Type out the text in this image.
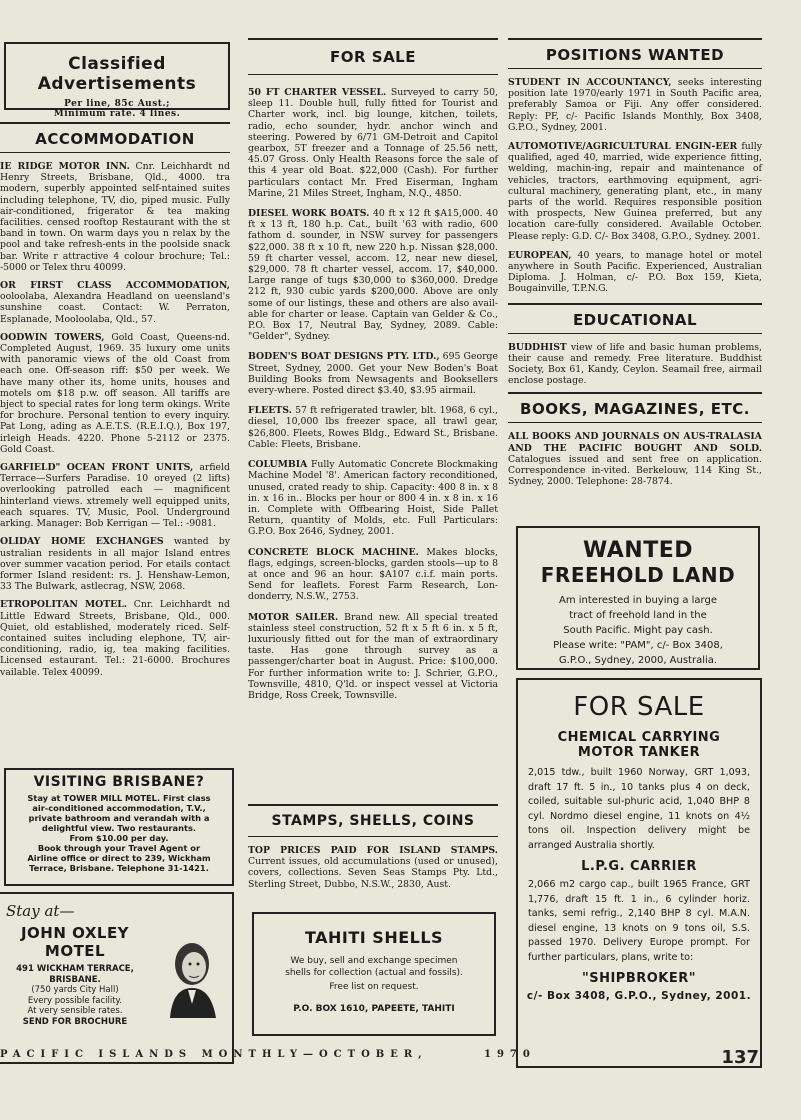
Classified Advertisements
Per line, 85c Aust.;
Minimum rate. 4 lines.
ACCOMMODATION
IE RIDGE MOTOR INN. Cnr. Leichhardt nd Henry Streets, Brisbane, Qld., 4000. tra modern, superbly appointed self-ntained suites including telephone, TV, dio, piped music. Fully air-conditioned, frigerator & tea making facilities. censed rooftop Restaurant with the st band in town. On warm days you n relax by the pool and take refresh-ents in the poolside snack bar. Write r attractive 4 colour brochure; Tel.: -5000 or Telex thru 40099.
OR FIRST CLASS ACCOMMODATION, ooloolaba, Alexandra Headland on ueensland's sunshine coast. Contact: W. Perraton, Esplanade, Mooloolaba, Qld., 57.
OODWIN TOWERS, Gold Coast, Queens-nd. Completed August, 1969. 35 luxury ome units with panoramic views of the old Coast from each one. Off-season riff: $50 per week. We have many other its, home units, houses and motels om $18 p.w. off season. All tariffs are bject to special rates for long term okings. Write for brochure. Personal tention to every inquiry. Pat Long, ading as A.E.T.S. (R.E.I.Q.), Box 197, irleigh Heads. 4220. Phone 5-2112 or 2375. Gold Coast.
GARFIELD" OCEAN FRONT UNITS, arfield Terrace—Surfers Paradise. 10 oreyed (2 lifts) overlooking patrolled each — magnificent hinterland views. xtremely well equipped units, each squares. TV, Music, Pool. Underground arking. Manager: Bob Kerrigan — Tel.: -9081.
OLIDAY HOME EXCHANGES wanted by ustralian residents in all major Island entres over summer vacation period. For etails contact former Island resident: rs. J. Henshaw-Lemon, 33 The Bulwark, astlecrag, NSW, 2068.
ETROPOLITAN MOTEL. Cnr. Leichhardt nd Little Edward Streets, Brisbane, Qld., 000. Quiet, old established, moderately riced. Self-contained suites including elephone, TV, air-conditioning, radio, ig, tea making facilities. Licensed estaurant. Tel.: 21-6000. Brochures vailable. Telex 40099.
VISITING BRISBANE?
Stay at TOWER MILL MOTEL. First class
air-conditioned accommodation, T.V.,
private bathroom and verandah with a
delightful view. Two restaurants.
From $10.00 per day.
Book through your Travel Agent or
Airline office or direct to 239, Wickham
Terrace, Brisbane. Telephone 31-1421.
Stay at—
JOHN OXLEY
MOTEL
491 WICKHAM TERRACE,
BRISBANE.
(750 yards City Hall)
Every possible facility.
At very sensible rates.
SEND FOR BROCHURE
FOR SALE
50 FT CHARTER VESSEL. Surveyed to carry 50, sleep 11. Double hull, fully fitted for Tourist and Charter work, incl. big lounge, kitchen, toilets, radio, echo sounder, hydr. anchor winch and steering. Powered by 6/71 GM-Detroit and Capitol gearbox, 5T freezer and a Tonnage of 25.56 nett, 45.07 Gross. Only Health Reasons force the sale of this 4 year old Boat. $22,000 (Cash). For further particulars contact Mr. Fred Eiserman, Ingham Marine, 21 Miles Street, Ingham, N.Q., 4850.
DIESEL WORK BOATS. 40 ft x 12 ft $A15,000. 40 ft x 13 ft, 180 h.p. Cat., built '63 with radio, 600 fathom d. sounder, in NSW survey for passengers $22,000. 38 ft x 10 ft, new 220 h.p. Nissan $28,000. 59 ft charter vessel, accom. 12, near new diesel, $29,000. 78 ft charter vessel, accom. 17, $40,000. Large range of tugs $30,000 to $360,000. Dredge 212 ft, 930 cubic yards $200,000. Above are only some of our listings, these and others are also avail-able for charter or lease. Captain van Gelder & Co., P.O. Box 17, Neutral Bay, Sydney, 2089. Cable: "Gelder", Sydney.
BODEN'S BOAT DESIGNS PTY. LTD., 695 George Street, Sydney, 2000. Get your New Boden's Boat Building Books from Newsagents and Booksellers every-where. Posted direct $3.40, $3.95 airmail.
FLEETS. 57 ft refrigerated trawler, blt. 1968, 6 cyl., diesel, 10,000 lbs freezer space, all trawl gear, $26,800. Fleets, Rowes Bldg., Edward St., Brisbane. Cable: Fleets, Brisbane.
COLUMBIA Fully Automatic Concrete Blockmaking Machine Model '8'. American factory reconditioned, unused, crated ready to ship. Capacity: 400 8 in. x 8 in. x 16 in.. Blocks per hour or 800 4 in. x 8 in. x 16 in. Complete with Offbearing Hoist, Side Pallet Return, quantity of Molds, etc. Full Particulars: G.P.O. Box 2646, Sydney, 2001.
CONCRETE BLOCK MACHINE. Makes blocks, flags, edgings, screen-blocks, garden stools—up to 8 at once and 96 an hour. $A107 c.i.f. main ports. Send for leaflets. Forest Farm Research, Lon-donderry, N.S.W., 2753.
MOTOR SAILER. Brand new. All special treated stainless steel construction, 52 ft x 5 ft 6 in. x 5 ft, luxuriously fitted out for the man of extraordinary taste. Has gone through survey as a passenger/charter boat in August. Price: $100,000. For further information write to: J. Schrier, G.P.O., Townsville, 4810, Q'ld. or inspect vessel at Victoria Bridge, Ross Creek, Townsville.
STAMPS, SHELLS, COINS
TOP PRICES PAID FOR ISLAND STAMPS. Current issues, old accumulations (used or unused), covers, collections. Seven Seas Stamps Pty. Ltd., Sterling Street, Dubbo, N.S.W., 2830, Aust.
TAHITI SHELLS
We buy, sell and exchange specimen
shells for collection (actual and fossils).
Free list on request.
P.O. BOX 1610, PAPEETE, TAHITI
POSITIONS WANTED
STUDENT IN ACCOUNTANCY, seeks interesting position late 1970/early 1971 in South Pacific area, preferably Samoa or Fiji. Any offer considered. Reply: PF, c/- Pacific Islands Monthly, Box 3408, G.P.O., Sydney, 2001.
AUTOMOTIVE/AGRICULTURAL ENGIN-EER fully qualified, aged 40, married, wide experience fitting, welding, machin-ing, repair and maintenance of vehicles, tractors, earthmoving equipment, agri-cultural machinery, generating plant, etc., in many parts of the world. Requires responsible position with prospects, New Guinea preferred, but any location care-fully considered. Available October. Please reply: G.D. C/- Box 3408, G.P.O., Sydney. 2001.
EUROPEAN, 40 years, to manage hotel or motel anywhere in South Pacific. Experienced, Australian Diploma. J. Holman, c/- P.O. Box 159, Kieta, Bougainville, T.P.N.G.
EDUCATIONAL
BUDDHIST view of life and basic human problems, their cause and remedy. Free literature. Buddhist Society, Box 61, Kandy, Ceylon. Seamail free, airmail enclose postage.
BOOKS, MAGAZINES, ETC.
ALL BOOKS AND JOURNALS ON AUS-TRALASIA AND THE PACIFIC BOUGHT AND SOLD. Catalogues issued and sent free on application. Correspondence in-vited. Berkelouw, 114 King St., Sydney, 2000. Telephone: 28-7874.
WANTED
FREEHOLD LAND
Am interested in buying a large
tract of freehold land in the
South Pacific. Might pay cash.
Please write: "PAM", c/- Box 3408,
G.P.O., Sydney, 2000, Australia.
FOR SALE
CHEMICAL CARRYING
MOTOR TANKER
2,015 tdw., built 1960 Norway, GRT 1,093, draft 17 ft. 5 in., 10 tanks plus 4 on deck, coiled, suitable sul-phuric acid, 1,040 BHP 8 cyl. Nordmo diesel engine, 11 knots on 4½ tons oil. Inspection delivery might be arranged Australia shortly.
L.P.G. CARRIER
2,066 m2 cargo cap., built 1965 France, GRT 1,776, draft 15 ft. 1 in., 6 cylinder horiz. tanks, semi refrig., 2,140 BHP 8 cyl. M.A.N. diesel engine, 13 knots on 9 tons oil, S.S. passed 1970. Delivery Europe prompt. For further particulars, plans, write to:
"SHIPBROKER"
c/- Box 3408, G.P.O., Sydney, 2001.
PACIFIC ISLANDS MONTHLY—OCTOBER,	1970	137
